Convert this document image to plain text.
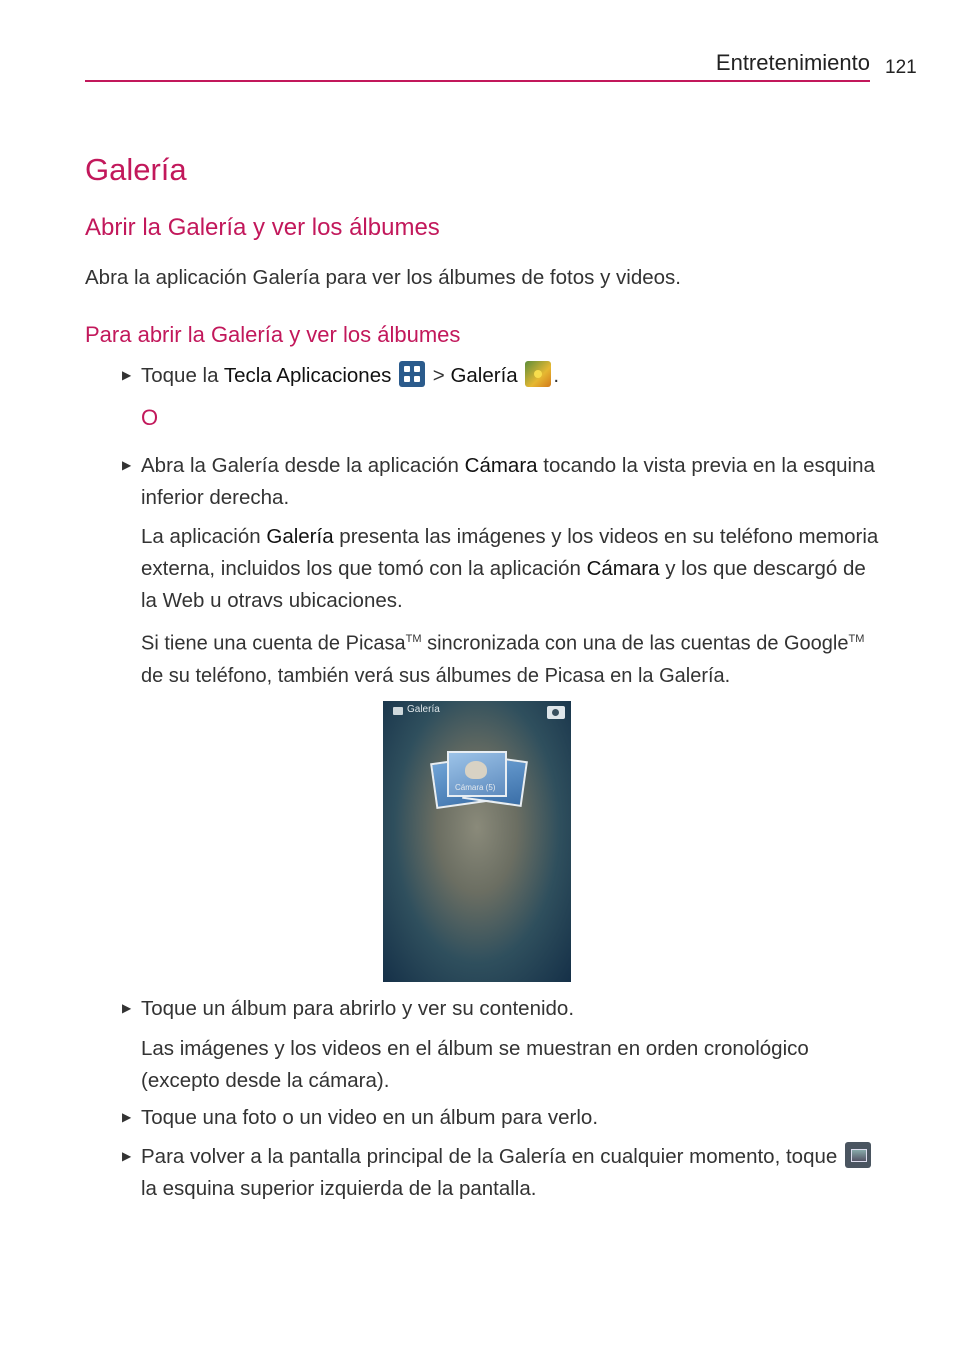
Entretenimiento 121
Galería
Abrir la Galería y ver los álbumes

Abra la aplicación Galería para ver los álbumes de fotos y videos.

Para abrir la Galería y ver los álbumes
▶ Toque la Tecla Aplicaciones
> Galería .

O
▶ Abra la Galería desde la aplicación Cámara tocando la vista previa en la esquina inferior derecha.

La aplicación Galería presenta las imágenes y los videos en su teléfono memoria externa, incluidos los que tomó con la aplicación Cámara y los que descargó de la Web u otravs ubicaciones.

Si tiene una cuenta de Picasa™ sincronizada con una de las cuentas de Google™ de su teléfono, también verá sus álbumes de Picasa en la Galería.

Galería
Cámara (5)
▶ Toque un álbum para abrirlo y ver su contenido.

Las imágenes y los videos en el álbum se muestran en orden cronológico (excepto desde la cámara).

▶ Toque una foto o un video en un álbum para verlo.

▶ Para volver a la pantalla principal de la Galería en cualquier momento, toque  la esquina superior izquierda de la pantalla.
